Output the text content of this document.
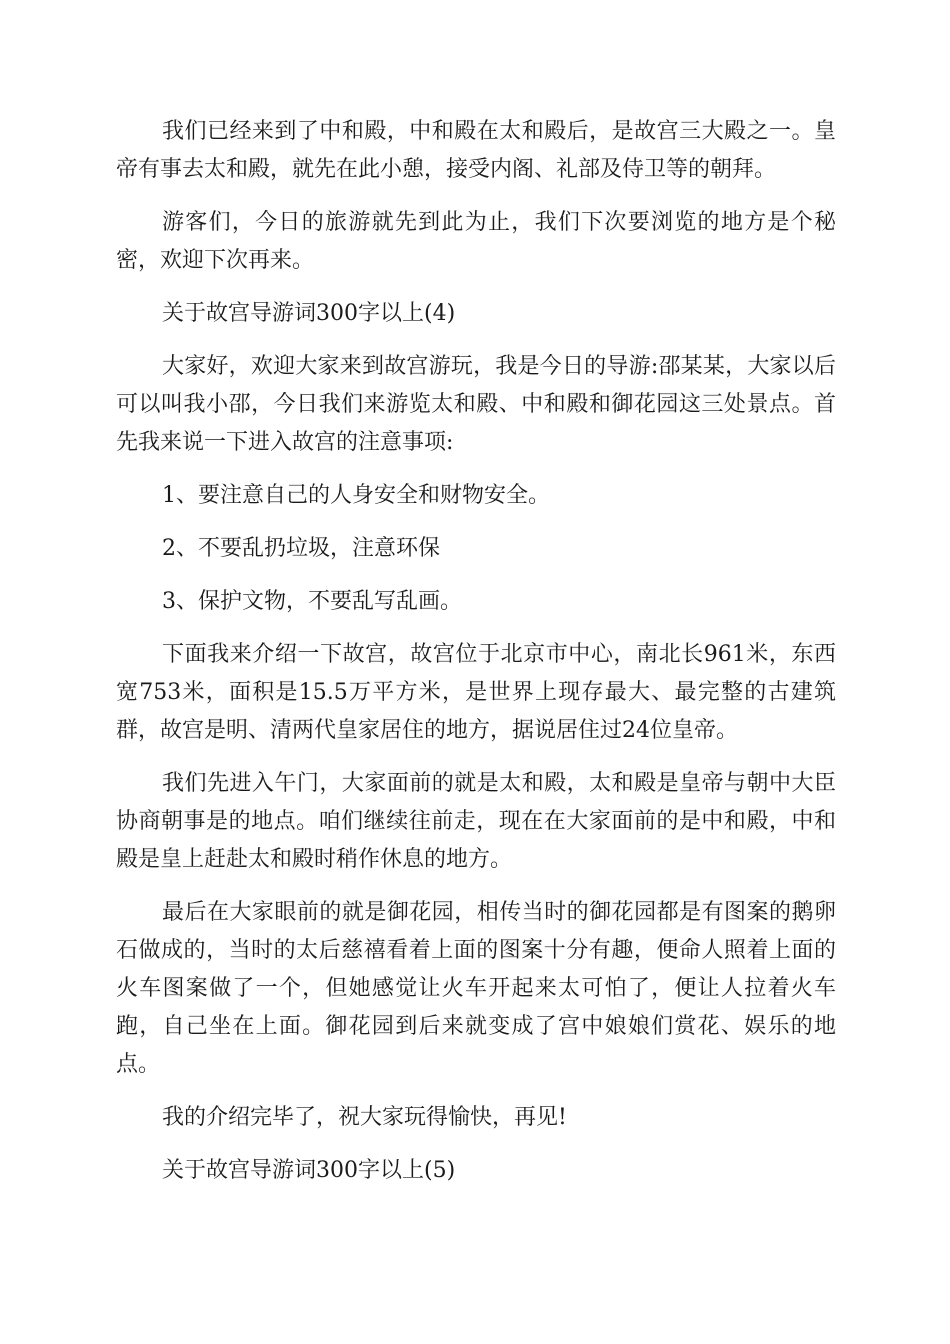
我们已经来到了中和殿，中和殿在太和殿后，是故宫三大殿之一。皇帝有事去太和殿，就先在此小憩，接受内阁、礼部及侍卫等的朝拜。

游客们，今日的旅游就先到此为止，我们下次要浏览的地方是个秘密，欢迎下次再来。

关于故宫导游词300字以上(4)

大家好，欢迎大家来到故宫游玩，我是今日的导游:邵某某，大家以后可以叫我小邵，今日我们来游览太和殿、中和殿和御花园这三处景点。首先我来说一下进入故宫的注意事项:

1、要注意自己的人身安全和财物安全。

2、不要乱扔垃圾，注意环保

3、保护文物，不要乱写乱画。

下面我来介绍一下故宫，故宫位于北京市中心，南北长961米，东西宽753米，面积是15.5万平方米，是世界上现存最大、最完整的古建筑群，故宫是明、清两代皇家居住的地方，据说居住过24位皇帝。

我们先进入午门，大家面前的就是太和殿，太和殿是皇帝与朝中大臣协商朝事是的地点。咱们继续往前走，现在在大家面前的是中和殿，中和殿是皇上赶赴太和殿时稍作休息的地方。

最后在大家眼前的就是御花园，相传当时的御花园都是有图案的鹅卵石做成的，当时的太后慈禧看着上面的图案十分有趣，便命人照着上面的火车图案做了一个，但她感觉让火车开起来太可怕了，便让人拉着火车跑，自己坐在上面。御花园到后来就变成了宫中娘娘们赏花、娱乐的地点。

我的介绍完毕了，祝大家玩得愉快，再见!

关于故宫导游词300字以上(5)
